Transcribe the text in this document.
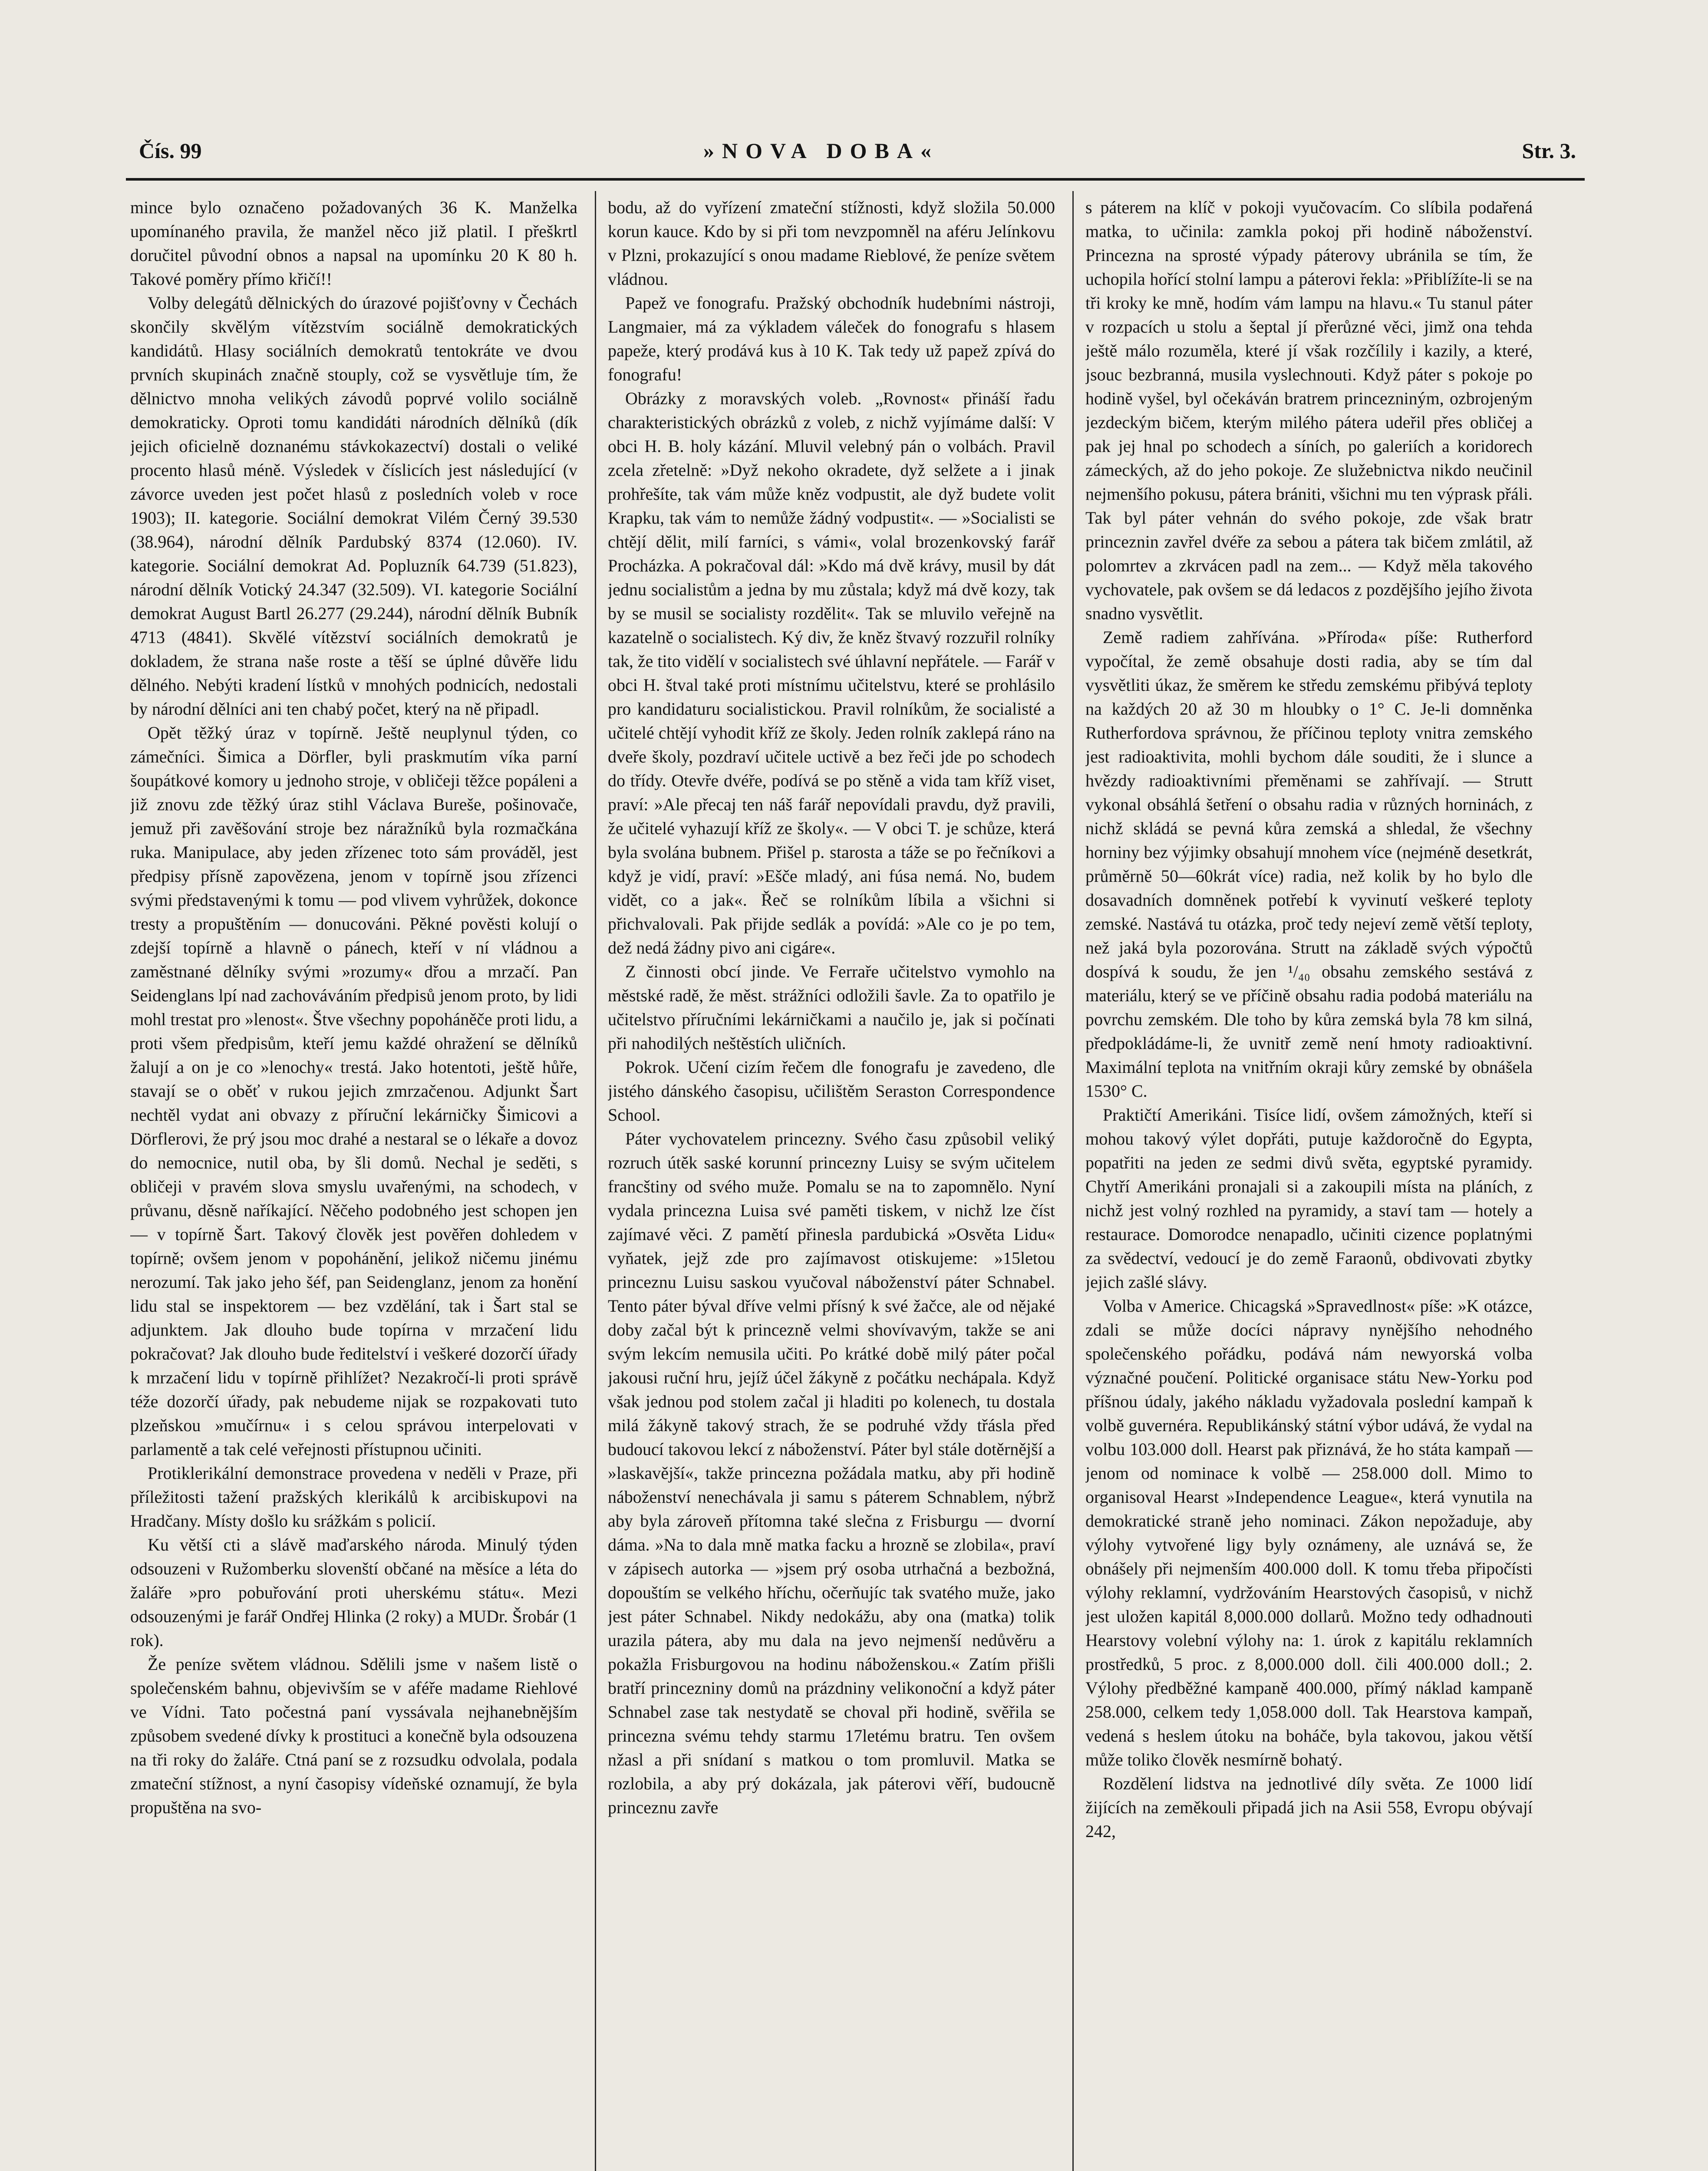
Čís. 99	»NOVA DOBA«	Str. 3.

mince bylo označeno požadovaných 36 K. Manželka upomínaného pravila, že manžel něco již platil. I přeškrtl doručitel původní obnos a napsal na upomínku 20 K 80 h. Takové poměry přímo křičí!!

Volby delegátů dělnických do úrazové pojišťovny v Čechách skončily skvělým vítězstvím sociálně demokratických kandidátů. Hlasy sociálních demokratů tentokráte ve dvou prvních skupinách značně stouply, což se vysvětluje tím, že dělnictvo mnoha velikých závodů poprvé volilo sociálně demokraticky. Oproti tomu kandidáti národních dělníků (dík jejich oficielně doznanému stávkokazectví) dostali o veliké procento hlasů méně. Výsledek v číslicích jest následující (v závorce uveden jest počet hlasů z posledních voleb v roce 1903); II. kategorie. Sociální demokrat Vilém Černý 39.530 (38.964), národní dělník Pardubský 8374 (12.060). IV. kategorie. Sociální demokrat Ad. Popluzník 64.739 (51.823), národní dělník Votický 24.347 (32.509). VI. kategorie Sociální demokrat August Bartl 26.277 (29.244), národní dělník Bubník 4713 (4841). Skvělé vítězství sociálních demokratů je dokladem, že strana naše roste a těší se úplné důvěře lidu dělného. Nebýti kradení lístků v mnohých podnicích, nedostali by národní dělníci ani ten chabý počet, který na ně připadl.

Opět těžký úraz v topírně. Ještě neuplynul týden, co zámečníci. Šimica a Dörfler, byli praskmutím víka parní šoupátkové komory u jednoho stroje, v obličeji těžce popáleni a již znovu zde těžký úraz stihl Václava Bureše, pošinovače, jemuž při zavěšování stroje bez náražníků byla rozmačkána ruka. Manipulace, aby jeden zřízenec toto sám prováděl, jest předpisy přísně zapovězena, jenom v topírně jsou zřízenci svými představenými k tomu — pod vlivem vyhrůžek, dokonce tresty a propuštěním — donucováni. Pěkné pověsti kolují o zdejší topírně a hlavně o pánech, kteří v ní vládnou a zaměstnané dělníky svými »rozumy« dřou a mrzačí. Pan Seidenglans lpí nad zachováváním předpisů jenom proto, by lidi mohl trestat pro »lenost«. Štve všechny popoháněče proti lidu, a proti všem předpisům, kteří jemu každé ohražení se dělníků žalují a on je co »lenochy« trestá. Jako hotentoti, ještě hůře, stavají se o oběť v rukou jejich zmrzačenou. Adjunkt Šart nechtěl vydat ani obvazy z příruční lekárničky Šimicovi a Dörflerovi, že prý jsou moc drahé a nestaral se o lékaře a dovoz do nemocnice, nutil oba, by šli domů. Nechal je seděti, s obličeji v pravém slova smyslu uvařenými, na schodech, v průvanu, děsně naříkající. Něčeho podobného jest schopen jen — v topírně Šart. Takový člověk jest pověřen dohledem v topírně; ovšem jenom v popohánění, jelikož ničemu jinému nerozumí. Tak jako jeho šéf, pan Seidenglanz, jenom za honění lidu stal se inspektorem — bez vzdělání, tak i Šart stal se adjunktem. Jak dlouho bude topírna v mrzačení lidu pokračovat? Jak dlouho bude ředitelství i veškeré dozorčí úřady k mrzačení lidu v topírně přihlížet? Nezakročí-li proti správě téže dozorčí úřady, pak nebudeme nijak se rozpakovati tuto plzeňskou »mučírnu« i s celou správou interpelovati v parlamentě a tak celé veřejnosti přístupnou učiniti.

Protiklerikální demonstrace provedena v neděli v Praze, při příležitosti tažení pražských klerikálů k arcibiskupovi na Hradčany. Místy došlo ku srážkám s policií.

Ku větší cti a slávě maďarského národa. Minulý týden odsouzeni v Ružomberku slovenští občané na měsíce a léta do žaláře »pro pobuřování proti uherskému státu«. Mezi odsouzenými je farář Ondřej Hlinka (2 roky) a MUDr. Šrobár (1 rok).

Že peníze světem vládnou. Sdělili jsme v našem listě o společenském bahnu, objevivším se v aféře madame Riehlové ve Vídni. Tato počestná paní vyssávala nejhanebnějším způsobem svedené dívky k prostituci a konečně byla odsouzena na tři roky do žaláře. Ctná paní se z rozsudku odvolala, podala zmateční stížnost, a nyní časopisy vídeňské oznamují, že byla propuštěna na svo-

bodu, až do vyřízení zmateční stížnosti, když složila 50.000 korun kauce. Kdo by si při tom nevzpomněl na aféru Jelínkovu v Plzni, prokazující s onou madame Rieblové, že peníze světem vládnou.

Papež ve fonografu. Pražský obchodník hudebními nástroji, Langmaier, má za výkladem váleček do fonografu s hlasem papeže, který prodává kus à 10 K. Tak tedy už papež zpívá do fonografu!

Obrázky z moravských voleb. „Rovnost« přináší řadu charakteristických obrázků z voleb, z nichž vyjímáme další: V obci H. B. holy kázání. Mluvil velebný pán o volbách. Pravil zcela zřetelně: »Dyž nekoho okradete, dyž selžete a i jinak prohřešíte, tak vám může kněz vodpustit, ale dyž budete volit Krapku, tak vám to nemůže žádný vodpustit«. — »Socialisti se chtějí dělit, milí farníci, s vámi«, volal brozenkovský farář Procházka. A pokračoval dál: »Kdo má dvě krávy, musil by dát jednu socialistům a jedna by mu zůstala; když má dvě kozy, tak by se musil se socialisty rozdělit«. Tak se mluvilo veřejně na kazatelně o socialistech. Ký div, že kněz štvavý rozzuřil rolníky tak, že tito vidělí v socialistech své úhlavní nepřátele. — Farář v obci H. štval také proti místnímu učitelstvu, které se prohlásilo pro kandidaturu socialistickou. Pravil rolníkům, že socialisté a učitelé chtějí vyhodit kříž ze školy. Jeden rolník zaklepá ráno na dveře školy, pozdraví učitele uctivě a bez řeči jde po schodech do třídy. Otevře dvéře, podívá se po stěně a vida tam kříž viset, praví: »Ale přecaj ten náš farář nepovídali pravdu, dyž pravili, že učitelé vyhazují kříž ze školy«. — V obci T. je schůze, která byla svolána bubnem. Přišel p. starosta a táže se po řečníkovi a když je vidí, praví: »Ešče mladý, ani fúsa nemá. No, budem vidět, co a jak«. Řeč se rolníkům líbila a všichni si přichvalovali. Pak přijde sedlák a povídá: »Ale co je po tem, dež nedá žádny pivo ani cigáre«.

Z činnosti obcí jinde. Ve Ferraře učitelstvo vymohlo na městské radě, že měst. strážníci odložili šavle. Za to opatřilo je učitelstvo příručními lekárničkami a naučilo je, jak si počínati při nahodilých neštěstích uličních.

Pokrok. Učení cizím řečem dle fonografu je zavedeno, dle jistého dánského časopisu, učilištěm Seraston Correspondence School.

Páter vychovatelem princezny. Svého času způsobil veliký rozruch útěk saské korunní princezny Luisy se svým učitelem francštiny od svého muže. Pomalu se na to zapomnělo. Nyní vydala princezna Luisa své paměti tiskem, v nichž lze číst zajímavé věci. Z pamětí přinesla pardubická »Osvěta Lidu« vyňatek, jejž zde pro zajímavost otiskujeme: »15letou princeznu Luisu saskou vyučoval náboženství páter Schnabel. Tento páter býval dříve velmi přísný k své žačce, ale od nějaké doby začal být k princezně velmi shovívavým, takže se ani svým lekcím nemusila učiti. Po krátké době milý páter počal jakousi ruční hru, jejíž účel žákyně z počátku nechápala. Když však jednou pod stolem začal ji hladiti po kolenech, tu dostala milá žákyně takový strach, že se podruhé vždy třásla před budoucí takovou lekcí z náboženství. Páter byl stále dotěrnější a »laskavější«, takže princezna požádala matku, aby při hodině náboženství nenechávala ji samu s páterem Schnablem, nýbrž aby byla zároveň přítomna také slečna z Frisburgu — dvorní dáma. »Na to dala mně matka facku a hrozně se zlobila«, praví v zápisech autorka — »jsem prý osoba utrhačná a bezbožná, dopouštím se velkého hříchu, očerňujíc tak svatého muže, jako jest páter Schnabel. Nikdy nedokážu, aby ona (matka) tolik urazila pátera, aby mu dala na jevo nejmenší nedůvěru a pokažla Frisburgovou na hodinu náboženskou.« Zatím přišli bratří princezniny domů na prázdniny velikonoční a když páter Schnabel zase tak nestydatě se choval při hodině, svěřila se princezna svému tehdy starmu 17letému bratru. Ten ovšem nžasl a při snídaní s matkou o tom promluvil. Matka se rozlobila, a aby prý dokázala, jak páterovi věří, budoucně princeznu zavře

s páterem na klíč v pokoji vyučovacím. Co slíbila podařená matka, to učinila: zamkla pokoj při hodině náboženství. Princezna na sprosté výpady páterovy ubránila se tím, že uchopila hořící stolní lampu a páterovi řekla: »Přiblížíte-li se na tři kroky ke mně, hodím vám lampu na hlavu.« Tu stanul páter v rozpacích u stolu a šeptal jí přerůzné věci, jimž ona tehda ještě málo rozuměla, které jí však rozčílily i kazily, a které, jsouc bezbranná, musila vyslechnouti. Když páter s pokoje po hodině vyšel, byl očekáván bratrem princezniným, ozbrojeným jezdeckým bičem, kterým milého pátera udeřil přes obličej a pak jej hnal po schodech a síních, po galeriích a koridorech zámeckých, až do jeho pokoje. Ze služebnictva nikdo neučinil nejmenšího pokusu, pátera brániti, všichni mu ten výprask přáli. Tak byl páter vehnán do svého pokoje, zde však bratr princeznin zavřel dvéře za sebou a pátera tak bičem zmlátil, až polomrtev a zkrvácen padl na zem... — Když měla takového vychovatele, pak ovšem se dá ledacos z pozdějšího jejího života snadno vysvětlit.

Země radiem zahřívána. »Příroda« píše: Rutherford vypočítal, že země obsahuje dosti radia, aby se tím dal vysvětliti úkaz, že směrem ke středu zemskému přibývá teploty na každých 20 až 30 m hloubky o 1° C. Je-li domněnka Rutherfordova správnou, že příčinou teploty vnitra zemského jest radioaktivita, mohli bychom dále souditi, že i slunce a hvězdy radioaktivními přeměnami se zahřívají. — Strutt vykonal obsáhlá šetření o obsahu radia v různých horninách, z nichž skládá se pevná kůra zemská a shledal, že všechny horniny bez výjimky obsahují mnohem více (nejméně desetkrát, průměrně 50—60krát více) radia, než kolik by ho bylo dle dosavadních domněnek potřebí k vyvinutí veškeré teploty zemské. Nastává tu otázka, proč tedy nejeví země větší teploty, než jaká byla pozorována. Strutt na základě svých výpočtů dospívá k soudu, že jen ¹/₄₀ obsahu zemského sestává z materiálu, který se ve příčině obsahu radia podobá materiálu na povrchu zemském. Dle toho by kůra zemská byla 78 km silná, předpokládáme-li, že uvnitř země není hmoty radioaktivní. Maximální teplota na vnitřním okraji kůry zemské by obnášela 1530° C.

Praktičtí Amerikáni. Tisíce lidí, ovšem zámožných, kteří si mohou takový výlet dopřáti, putuje každoročně do Egypta, popatřiti na jeden ze sedmi divů světa, egyptské pyramidy. Chytří Amerikáni pronajali si a zakoupili místa na pláních, z nichž jest volný rozhled na pyramidy, a staví tam — hotely a restaurace. Domorodce nenapadlo, učiniti cizence poplatnými za svědectví, vedoucí je do země Faraonů, obdivovati zbytky jejich zašlé slávy.

Volba v Americe. Chicagská »Spravedlnost« píše: »K otázce, zdali se může docíci nápravy nynějšího nehodného společenského pořádku, podává nám newyorská volba význačné poučení. Politické organisace státu New-Yorku pod příšnou údaly, jakého nákladu vyžadovala poslední kampaň k volbě guvernéra. Republikánský státní výbor udává, že vydal na volbu 103.000 doll. Hearst pak přiznává, že ho státa kampaň — jenom od nominace k volbě — 258.000 doll. Mimo to organisoval Hearst »Independence League«, která vynutila na demokratické straně jeho nominaci. Zákon nepožaduje, aby výlohy vytvořené ligy byly oznámeny, ale uznává se, že obnášely při nejmenším 400.000 doll. K tomu třeba připočísti výlohy reklamní, vydržováním Hearstových časopisů, v nichž jest uložen kapitál 8,000.000 dollarů. Možno tedy odhadnouti Hearstovy volební výlohy na: 1. úrok z kapitálu reklamních prostředků, 5 proc. z 8,000.000 doll. čili 400.000 doll.; 2. Výlohy předběžné kampaně 400.000, přímý náklad kampaně 258.000, celkem tedy 1,058.000 doll. Tak Hearstova kampaň, vedená s heslem útoku na boháče, byla takovou, jakou větší může toliko člověk nesmírně bohatý.

Rozdělení lidstva na jednotlivé díly světa. Ze 1000 lidí žijících na zeměkouli připadá jich na Asii 558, Evropu obývají 242,
